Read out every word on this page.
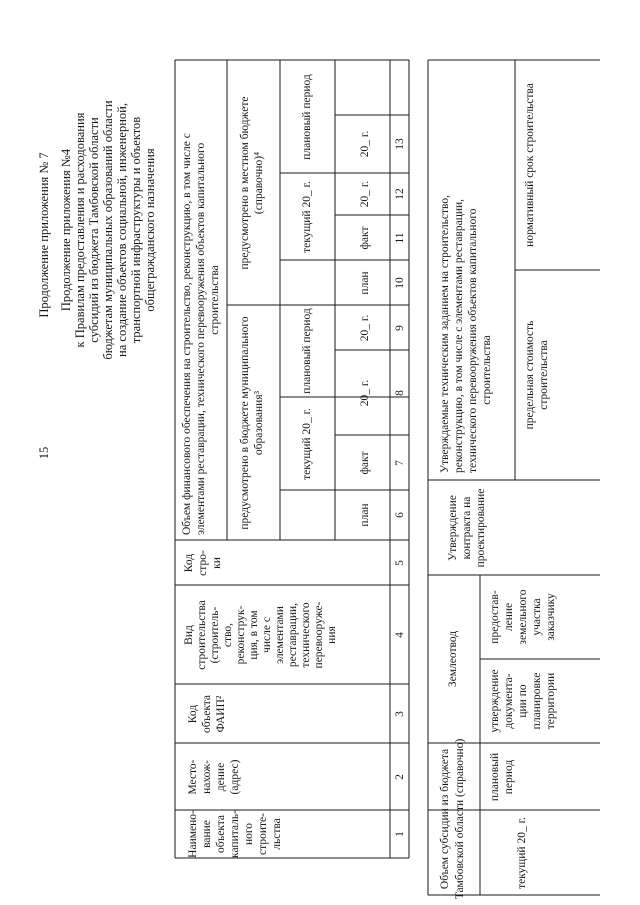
15
Продолжение приложения № 7 Продолжение приложения №4 к Правилам предоставления и расходования субсидий из бюджета Тамбовской области бюджетам муниципальных образований области на создание объектов социальной, инженерной, транспортной инфраструктуры и объектов общегражданского назначения
Наимено- вание объекта капиталь- ного строите- льства
Место- нахож- дение (адрес)
Код объекта ФАИП²
Вид строительства (строитель- ство, реконструк- ция, в том числе с элементами реставрации, технического перевооруже- ния
Код стро- ки
Объем финансового обеспечения на строительство, реконструкцию, в том числе с элементами реставрации, технического перевооружения объектов капитального строительства
предусмотрено в бюджете муниципального образования³
предусмотрено в местном бюджете (справочно)⁴
текущий 20_ г.
плановый период
текущий 20_ г.
плановый период
план
факт
20_ г.
20_ г.
план
факт
20_ г.
20_ г.
1
2
3
4
5
6
7
8
9
10
11
12
13
Объем субсидии из бюджета Тамбовской области (справочно)	текущий 20_ г.
плановый период
Землеотвод
утверждение документа- ции по планировке территории
предостав- ление земельного участка заказчику
Утверждение контракта на проектирование
Утверждаемые техническим заданием на строительство, реконструкцию, в том числе с элементами реставрации, технического перевооружения объектов капитального строительства	предельная стоимость строительства
нормативный срок строительства
